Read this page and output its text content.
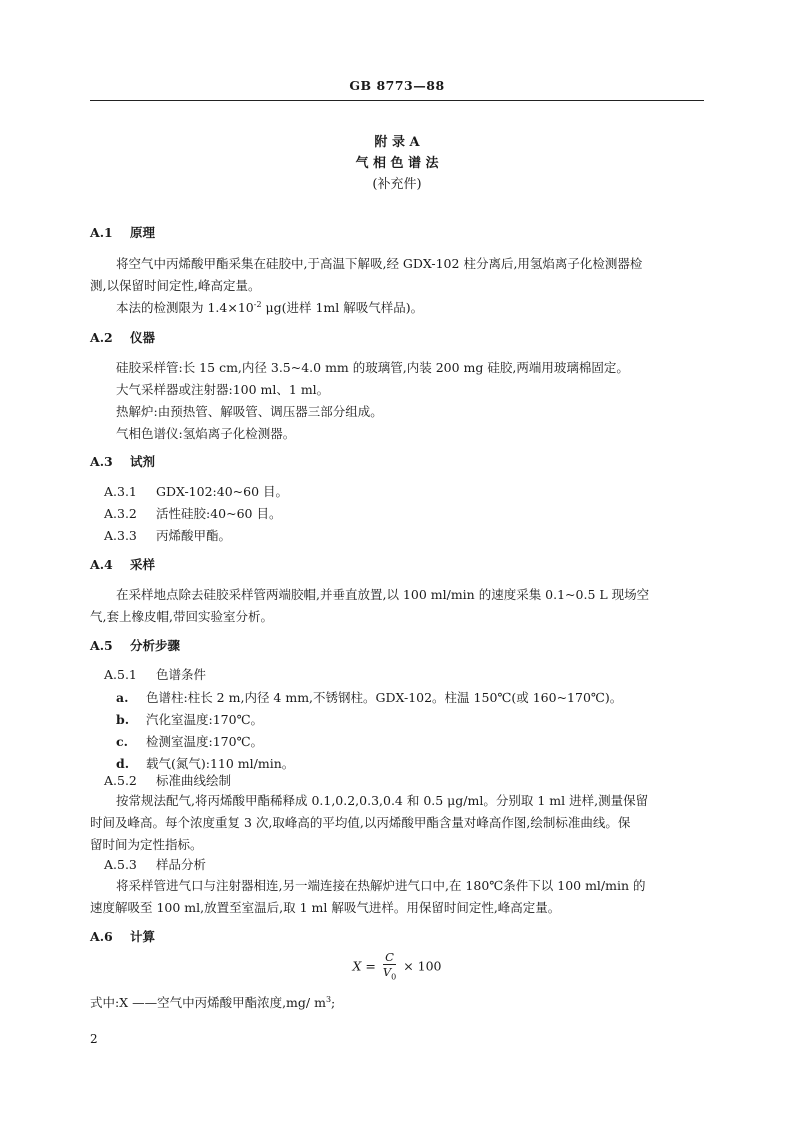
GB 8773—88
附 录 A
气 相 色 谱 法
(补充件)
A.1 原理
将空气中丙烯酸甲酯采集在硅胶中,于高温下解吸,经 GDX-102 柱分离后,用氢焰离子化检测器检
测,以保留时间定性,峰高定量。
本法的检测限为 $1.4\times 10^{-2}$ μg(进样 1ml 解吸气样品)。
A.2 仪器
硅胶采样管:长 15 cm,内径 3.5~4.0 mm 的玻璃管,内装 200 mg 硅胶,两端用玻璃棉固定。
大气采样器或注射器:100 ml、1 ml。
热解炉:由预热管、解吸管、调压器三部分组成。
气相色谱仪:氢焰离子化检测器。
A.3 试剂
A.3.1 GDX-102:40~60 目。
A.3.2 活性硅胶:40~60 目。
A.3.3 丙烯酸甲酯。
A.4 采样
在采样地点除去硅胶采样管两端胶帽,并垂直放置,以 100 ml/min 的速度采集 0.1~0.5 L 现场空
气,套上橡皮帽,带回实验室分析。
A.5 分析步骤
A.5.1 色谱条件
a. 色谱柱:柱长 2 m,内径 4 mm,不锈钢柱。GDX-102。柱温 150℃(或 160~170℃)。
b. 汽化室温度:170℃。
c. 检测室温度:170℃。
d. 载气(氮气):110 ml/min。
A.5.2 标准曲线绘制
按常规法配气,将丙烯酸甲酯稀释成 0.1,0.2,0.3,0.4 和 0.5 μg/ml。分别取 1 ml 进样,测量保留
时间及峰高。每个浓度重复 3 次,取峰高的平均值,以丙烯酸甲酯含量对峰高作图,绘制标准曲线。保
留时间为定性指标。
A.5.3 样品分析
将采样管进气口与注射器相连,另一端连接在热解炉进气口中,在 180℃条件下以 100 ml/min 的
速度解吸至 100 ml,放置至室温后,取 1 ml 解吸气进样。用保留时间定性,峰高定量。
A.6 计算
$X = \frac{C}{V_0} \times 100$
式中:X ——空气中丙烯酸甲酯浓度,mg/ $m^3$;
2
